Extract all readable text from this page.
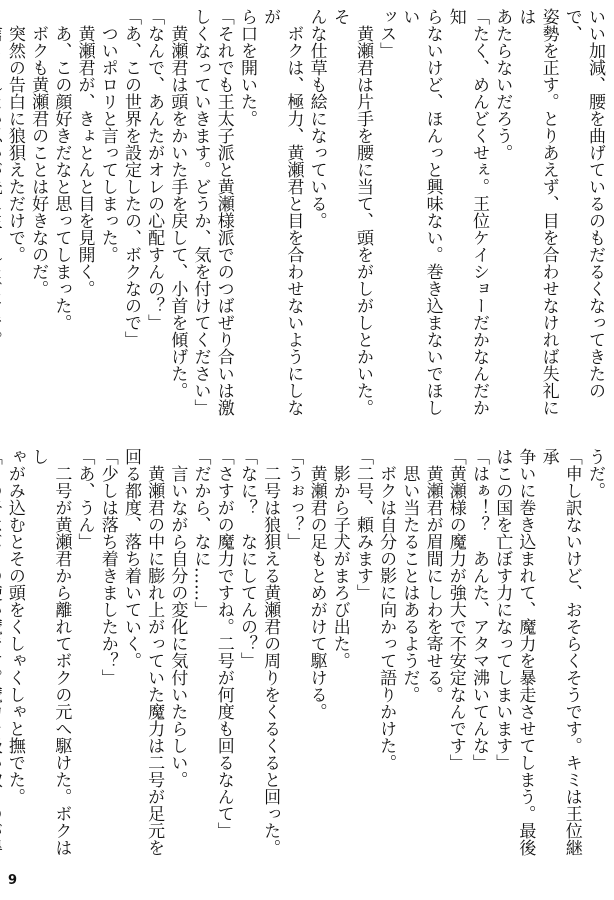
いい加減、腰を曲げているのもだるくなってきたので、

姿勢を正す。とりあえず、目を合わせなければ失礼には

あたらないだろう。

「たく、めんどくせぇ。王位ケイショーだかなんだか知

らないけど、ほんっと興味ない。巻き込まないでほしい

ッス」

　黄瀬君は片手を腰に当て、頭をがしがしとかいた。そ

んな仕草も絵になっている。

　ボクは、極力、黄瀬君と目を合わせないようにしなが

ら口を開いた。

「それでも王太子派と黄瀬様派でのつばぜり合いは激

しくなっていきます。どうか、気を付けてください」

　黄瀬君は頭をかいた手を戻して、小首を傾げた。

「なんで、あんたがオレの心配すんの？」

「あ、この世界を設定したの、ボクなので」

　ついポロリと言ってしまった。

　黄瀬君が、きょとんと目を見開く。

　あ、この顔好きだなと思ってしまった。

　ボクも黄瀬君のことは好きなのだ。

　突然の告白に狼狽えただけで。

うだ。

「申し訳ないけど、おそらくそうです。キミは王位継承

争いに巻き込まれて、魔力を暴走させてしまう。最後

はこの国を亡ぼす力になってしまいます」

「はぁ！？　あんた、アタマ沸いてんな」

「黄瀬様の魔力が強大で不安定なんです」

　黄瀬君が眉間にしわを寄せる。

　思い当たることはあるようだ。

　ボクは自分の影に向かって語りかけた。

「二号、頼みます」

　影から子犬がまろび出た。

　黄瀬君の足もとめがけて駆ける。

「うぉっ？」

　二号は狼狽える黄瀬君の周りをくるくると回った。

「なに？　なにしてんの？」

「さすがの魔力ですね。二号が何度も回るなんて」

「だから、なに……」

　言いながら自分の変化に気付いたらしい。

　黄瀬君の中に膨れ上がっていた魔力は二号が足元を

回る都度、落ち着いていく。

「少しは落ち着きましたか？」

「あ、うん」

　二号が黄瀬君から離れてボクの元へ駆けた。ボクはし

ゃがみ込むとその頭をくしゃくしゃと撫でた。

9
